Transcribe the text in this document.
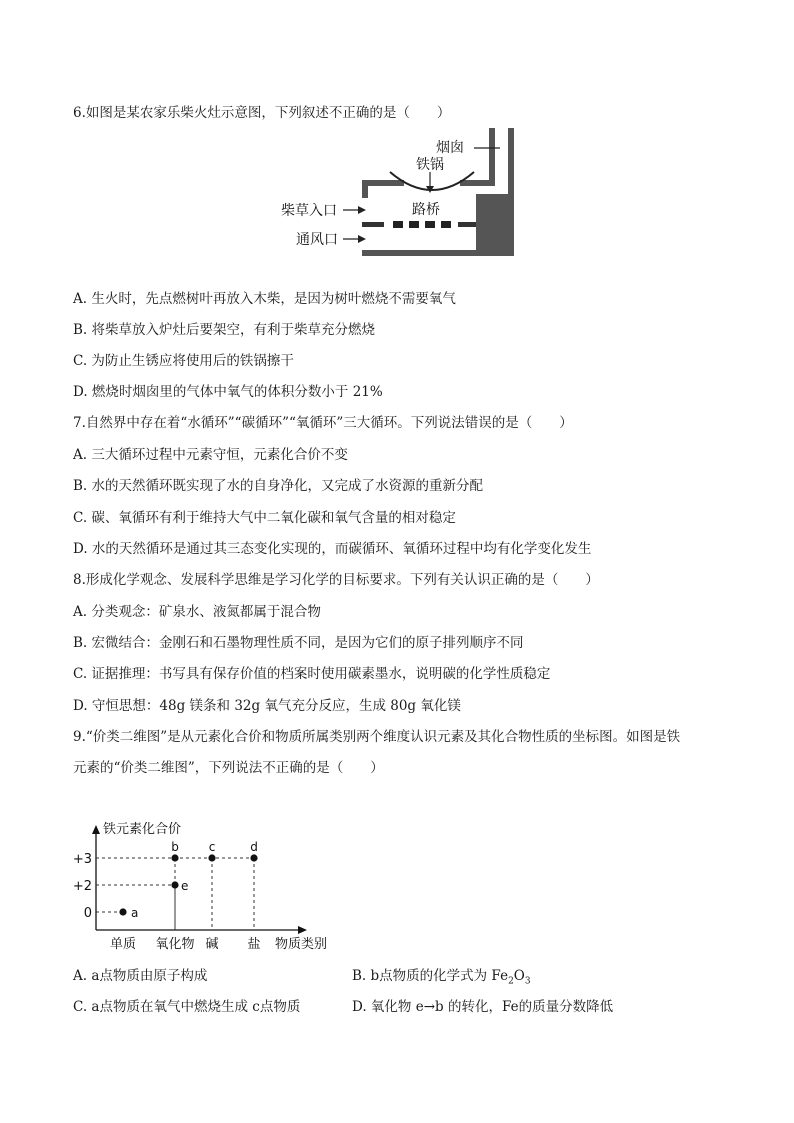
6.如图是某农家乐柴火灶示意图，下列叙述不正确的是（　　）
烟囱
铁锅
柴草入口	路桥
通风口
A. 生火时，先点燃树叶再放入木柴，是因为树叶燃烧不需要氧气
B. 将柴草放入炉灶后要架空，有利于柴草充分燃烧
C. 为防止生锈应将使用后的铁锅擦干
D. 燃烧时烟囱里的气体中氧气的体积分数小于 21%
7.自然界中存在着“水循环”“碳循环”“氧循环”三大循环。下列说法错误的是（　　）
A. 三大循环过程中元素守恒，元素化合价不变
B. 水的天然循环既实现了水的自身净化，又完成了水资源的重新分配
C. 碳、氧循环有利于维持大气中二氧化碳和氧气含量的相对稳定
D. 水的天然循环是通过其三态变化实现的，而碳循环、氧循环过程中均有化学变化发生
8.形成化学观念、发展科学思维是学习化学的目标要求。下列有关认识正确的是（　　）
A. 分类观念：矿泉水、液氮都属于混合物
B. 宏微结合：金刚石和石墨物理性质不同，是因为它们的原子排列顺序不同
C. 证据推理：书写具有保存价值的档案时使用碳素墨水，说明碳的化学性质稳定
D. 守恒思想：48g 镁条和 32g 氧气充分反应，生成 80g 氧化镁
9.“价类二维图”是从元素化合价和物质所属类别两个维度认识元素及其化合物性质的坐标图。如图是铁
元素的“价类二维图”，下列说法不正确的是（　　）
铁元素化合价
物质类别
0
+2
+3
单质 氧化物 碱 盐
a
e
b c	d
A. a点物质由原子构成	B. b点物质的化学式为 $Fe_2O_3$
C. a点物质在氧气中燃烧生成 c点物质	D. 氧化物 e→b 的转化，Fe的质量分数降低
